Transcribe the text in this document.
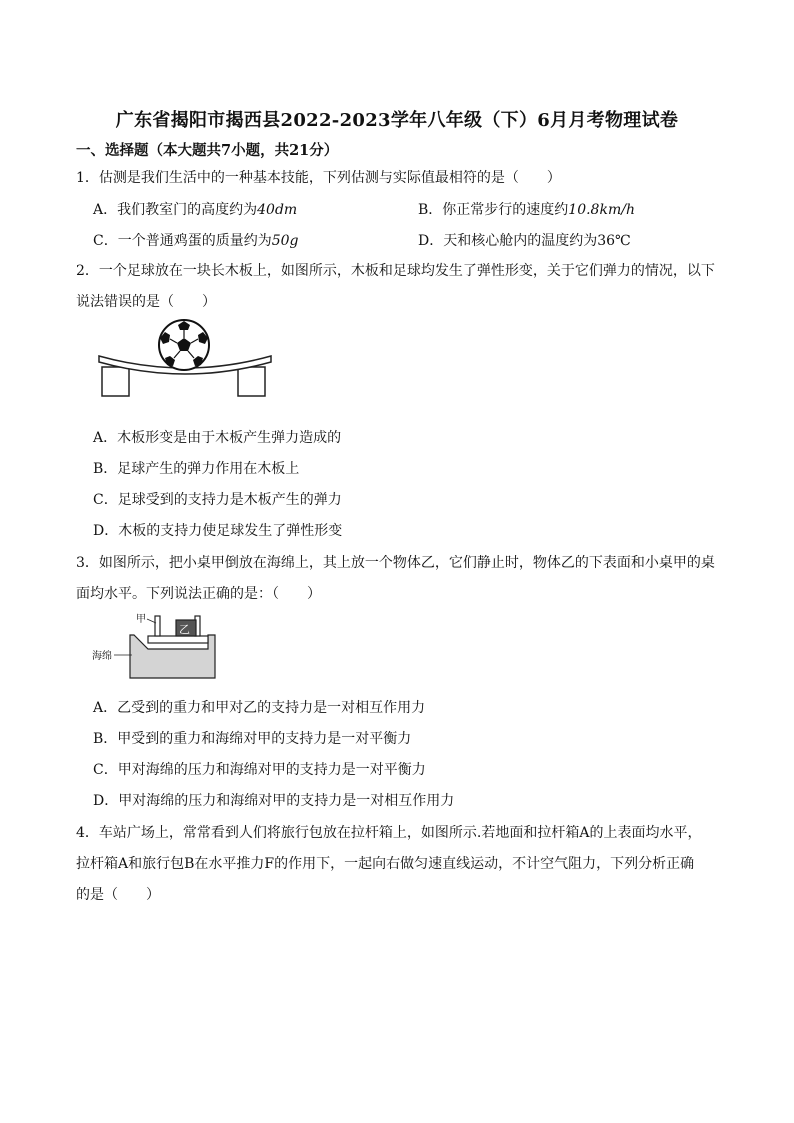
广东省揭阳市揭西县2022-2023学年八年级（下）6月月考物理试卷
一、选择题（本大题共7小题，共21分）
1．估测是我们生活中的一种基本技能，下列估测与实际值最相符的是（　　）
A．我们教室门的高度约为40dm	B．你正常步行的速度约10.8km/h
C．一个普通鸡蛋的质量约为50g	D．天和核心舱内的温度约为36℃
2．一个足球放在一块长木板上，如图所示，木板和足球均发生了弹性形变，关于它们弹力的情况，以下
说法错误的是（　　）
A．木板形变是由于木板产生弹力造成的
B．足球产生的弹力作用在木板上
C．足球受到的支持力是木板产生的弹力
D．木板的支持力使足球发生了弹性形变
3．如图所示，把小桌甲倒放在海绵上，其上放一个物体乙，它们静止时，物体乙的下表面和小桌甲的桌
面均水平。下列说法正确的是：（　　）
乙
甲
海绵
A．乙受到的重力和甲对乙的支持力是一对相互作用力
B．甲受到的重力和海绵对甲的支持力是一对平衡力
C．甲对海绵的压力和海绵对甲的支持力是一对平衡力
D．甲对海绵的压力和海绵对甲的支持力是一对相互作用力
4．车站广场上，常常看到人们将旅行包放在拉杆箱上，如图所示.若地面和拉杆箱A的上表面均水平，
拉杆箱A和旅行包B在水平推力F的作用下，一起向右做匀速直线运动，不计空气阻力，下列分析正确
的是（　　）
